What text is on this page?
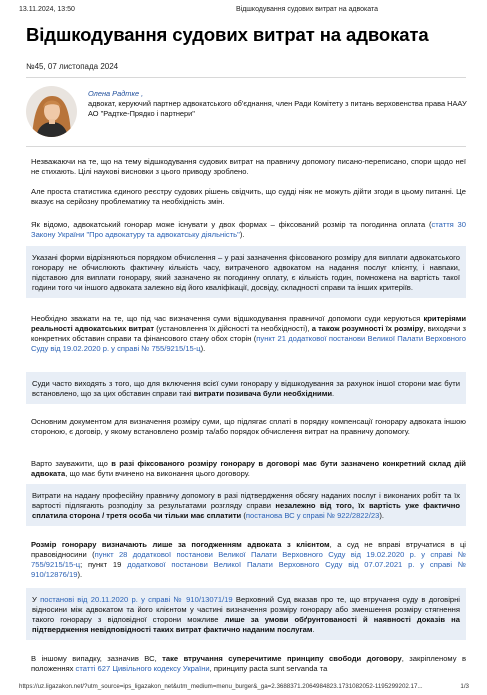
13.11.2024, 13:50	Відшкодування судових витрат на адвоката
Відшкодування судових витрат на адвоката
№45, 07 листопада 2024
Олена Радтке ,
адвокат, керуючий партнер адвокатського об'єднання, член Ради Комітету з питань верховенства права НААУ
АО "Радтке-Прядко і партнери"

Незважаючи на те, що на тему відшкодування судових витрат на правничу допомогу писано-переписано, спори щодо неї не стихають. Цілі наукові висновки з цього приводу зроблено.

Але проста статистика єдиного реєстру судових рішень свідчить, що судді ніяк не можуть дійти згоди в цьому питанні. Це вказує на серйозну проблематику та необхідність змін.

Як відомо, адвокатський гонорар може існувати у двох формах – фіксований розмір та погодинна оплата (стаття 30 Закону України "Про адвокатуру та адвокатську діяльність").

Указані форми відрізняються порядком обчислення – у разі зазначення фіксованого розміру для виплати адвокатського гонорару не обчислюють фактичну кількість часу, витраченого адвокатом на надання послуг клієнту, і навпаки, підставою для виплати гонорару, який зазначено як погодинну оплату, є кількість годин, помножена на вартість такої години того чи іншого адвоката залежно від його кваліфікації, досвіду, складності справи та інших критеріїв.

Необхідно зважати на те, що під час визначення суми відшкодування правничої допомоги суди керуються критеріями реальності адвокатських витрат (установлення їх дійсності та необхідності), а також розумності їх розміру, виходячи з конкретних обставин справи та фінансового стану обох сторін (пункт 21 додаткової постанови Великої Палати Верховного Суду від 19.02.2020 р. у справі № 755/9215/15-ц).

Суди часто виходять з того, що для включення всієї суми гонорару у відшкодування за рахунок іншої сторони має бути встановлено, що за цих обставин справи такі витрати позивача були необхідними.

Основним документом для визначення розміру суми, що підлягає сплаті в порядку компенсації гонорару адвоката іншою стороною, є договір, у якому встановлено розмір та/або порядок обчислення витрат на правничу допомогу.

Варто зауважити, що в разі фіксованого розміру гонорару в договорі має бути зазначено конкретний склад дій адвоката, що має бути вчинено на виконання цього договору.

Витрати на надану професійну правничу допомогу в разі підтвердження обсягу наданих послуг і виконаних робіт та їх вартості підлягають розподілу за результатами розгляду справи незалежно від того, їх вартість уже фактично сплатила сторона / третя особа чи тільки має сплатити (постанова ВС у справі № 922/2822/23).

Розмір гонорару визначають лише за погодженням адвоката з клієнтом, а суд не вправі втручатися в ці правовідносини (пункт 28 додаткової постанови Великої Палати Верховного Суду від 19.02.2020 р. у справі № 755/9215/15-ц; пункт 19 додаткової постанови Великої Палати Верховного Суду від 07.07.2021 р. у справі № 910/12876/19).

У постанові від 20.11.2020 р. у справі № 910/13071/19 Верховний Суд вказав про те, що втручання суду в договірні відносини між адвокатом та його клієнтом у частині визначення розміру гонорару або зменшення розміру стягнення такого гонорару з відповідної сторони можливе лише за умови обґрунтованості й наявності доказів на підтвердження невідповідності таких витрат фактично наданим послугам.

В іншому випадку, зазначив ВС, таке втручання суперечитиме принципу свободи договору, закріпленому в положеннях статті 627 Цивільного кодексу України, принципу pacta sunt servanda та

https://uz.ligazakon.net/?utm_source=ips_ligazakon_net&utm_medium=menu_burger&_ga=2.3688371.2064984823.1731082052-1195299202.17...	1/3
